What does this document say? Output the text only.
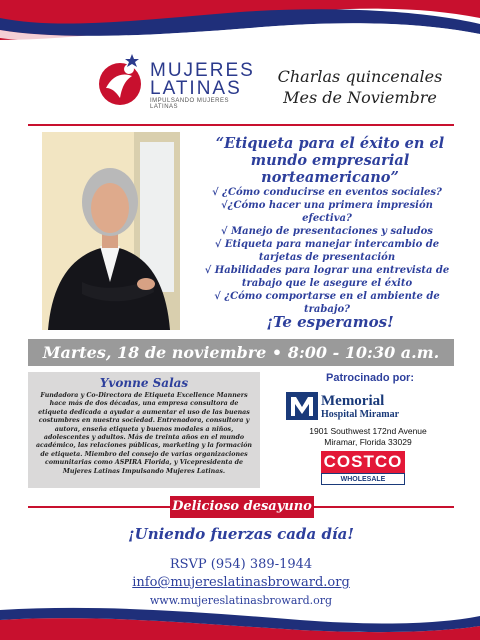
MUJERES
LATINAS
IMPULSANDO MUJERES LATINAS
Charlas quincenales
Mes de Noviembre
“Etiqueta para el éxito en el mundo empresarial norteamericano”
√ ¿Cómo conducirse en eventos sociales?
√¿Cómo hacer una primera impresión efectiva?
√ Manejo de presentaciones y saludos
√ Etiqueta para manejar intercambio de tarjetas de presentación
√ Habilidades para lograr una entrevista de trabajo que le asegure el éxito
√ ¿Cómo comportarse en el ambiente de trabajo?
¡Te esperamos!
Martes, 18 de noviembre • 8:00 - 10:30 a.m.
Yvonne Salas

Fundadora y Co-Directora de Etiqueta Excellence Manners hace más de dos décadas, una empresa consultora de etiqueta dedicada a ayudar a aumentar el uso de las buenas costumbres en nuestra sociedad. Entrenadora, consultora y autora, enseña etiqueta y buenos modales a niños, adolescentes y adultos. Más de treinta años en el mundo académico, las relaciones públicas, marketing y la formación de etiqueta. Miembro del consejo de varias organizaciones comunitarias como ASPIRA Florida, y Vicepresidenta de Mujeres Latinas Impulsando Mujeres Latinas.

Patrocinado por:
Memorial
Hospital Miramar
1901 Southwest 172nd Avenue
Miramar, Florida 33029
COSTCO
WHOLESALE
Delicioso desayuno
¡Uniendo fuerzas cada día!
RSVP (954) 389-1944
info@mujereslatinasbroward.org
www.mujereslatinasbroward.org
